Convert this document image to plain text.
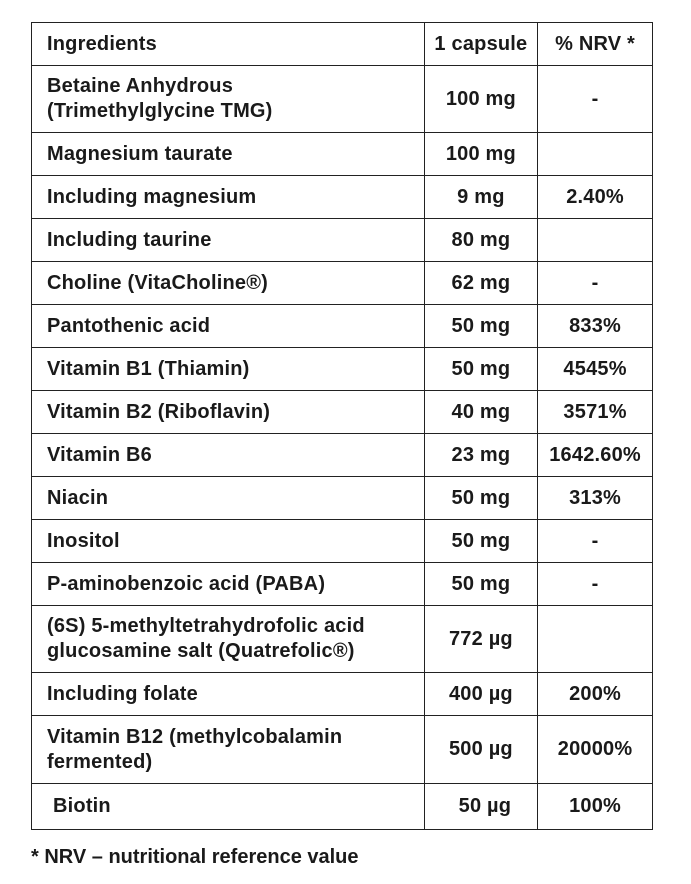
Ingredients	1 capsule	% NRV *

Betaine Anhydrous
(Trimethylglycine TMG)	100 mg	-
Magnesium taurate	100 mg	
Including magnesium	9 mg	2.40%
Including taurine	80 mg	
Choline (VitaCholine®)	62 mg	-
Pantothenic acid	50 mg	833%
Vitamin B1 (Thiamin)	50 mg	4545%
Vitamin B2 (Riboflavin)	40 mg	3571%
Vitamin B6	23 mg	1642.60%
Niacin	50 mg	313%
Inositol	50 mg	-
P-aminobenzoic acid (PABA)	50 mg	-

(6S) 5-methyltetrahydrofolic acid
glucosamine salt (Quatrefolic®)	772 µg	
Including folate	400 µg	200%

Vitamin B12 (methylcobalamin
fermented)	500 µg	20000%
Biotin	50 µg	100%
* NRV – nutritional reference value
